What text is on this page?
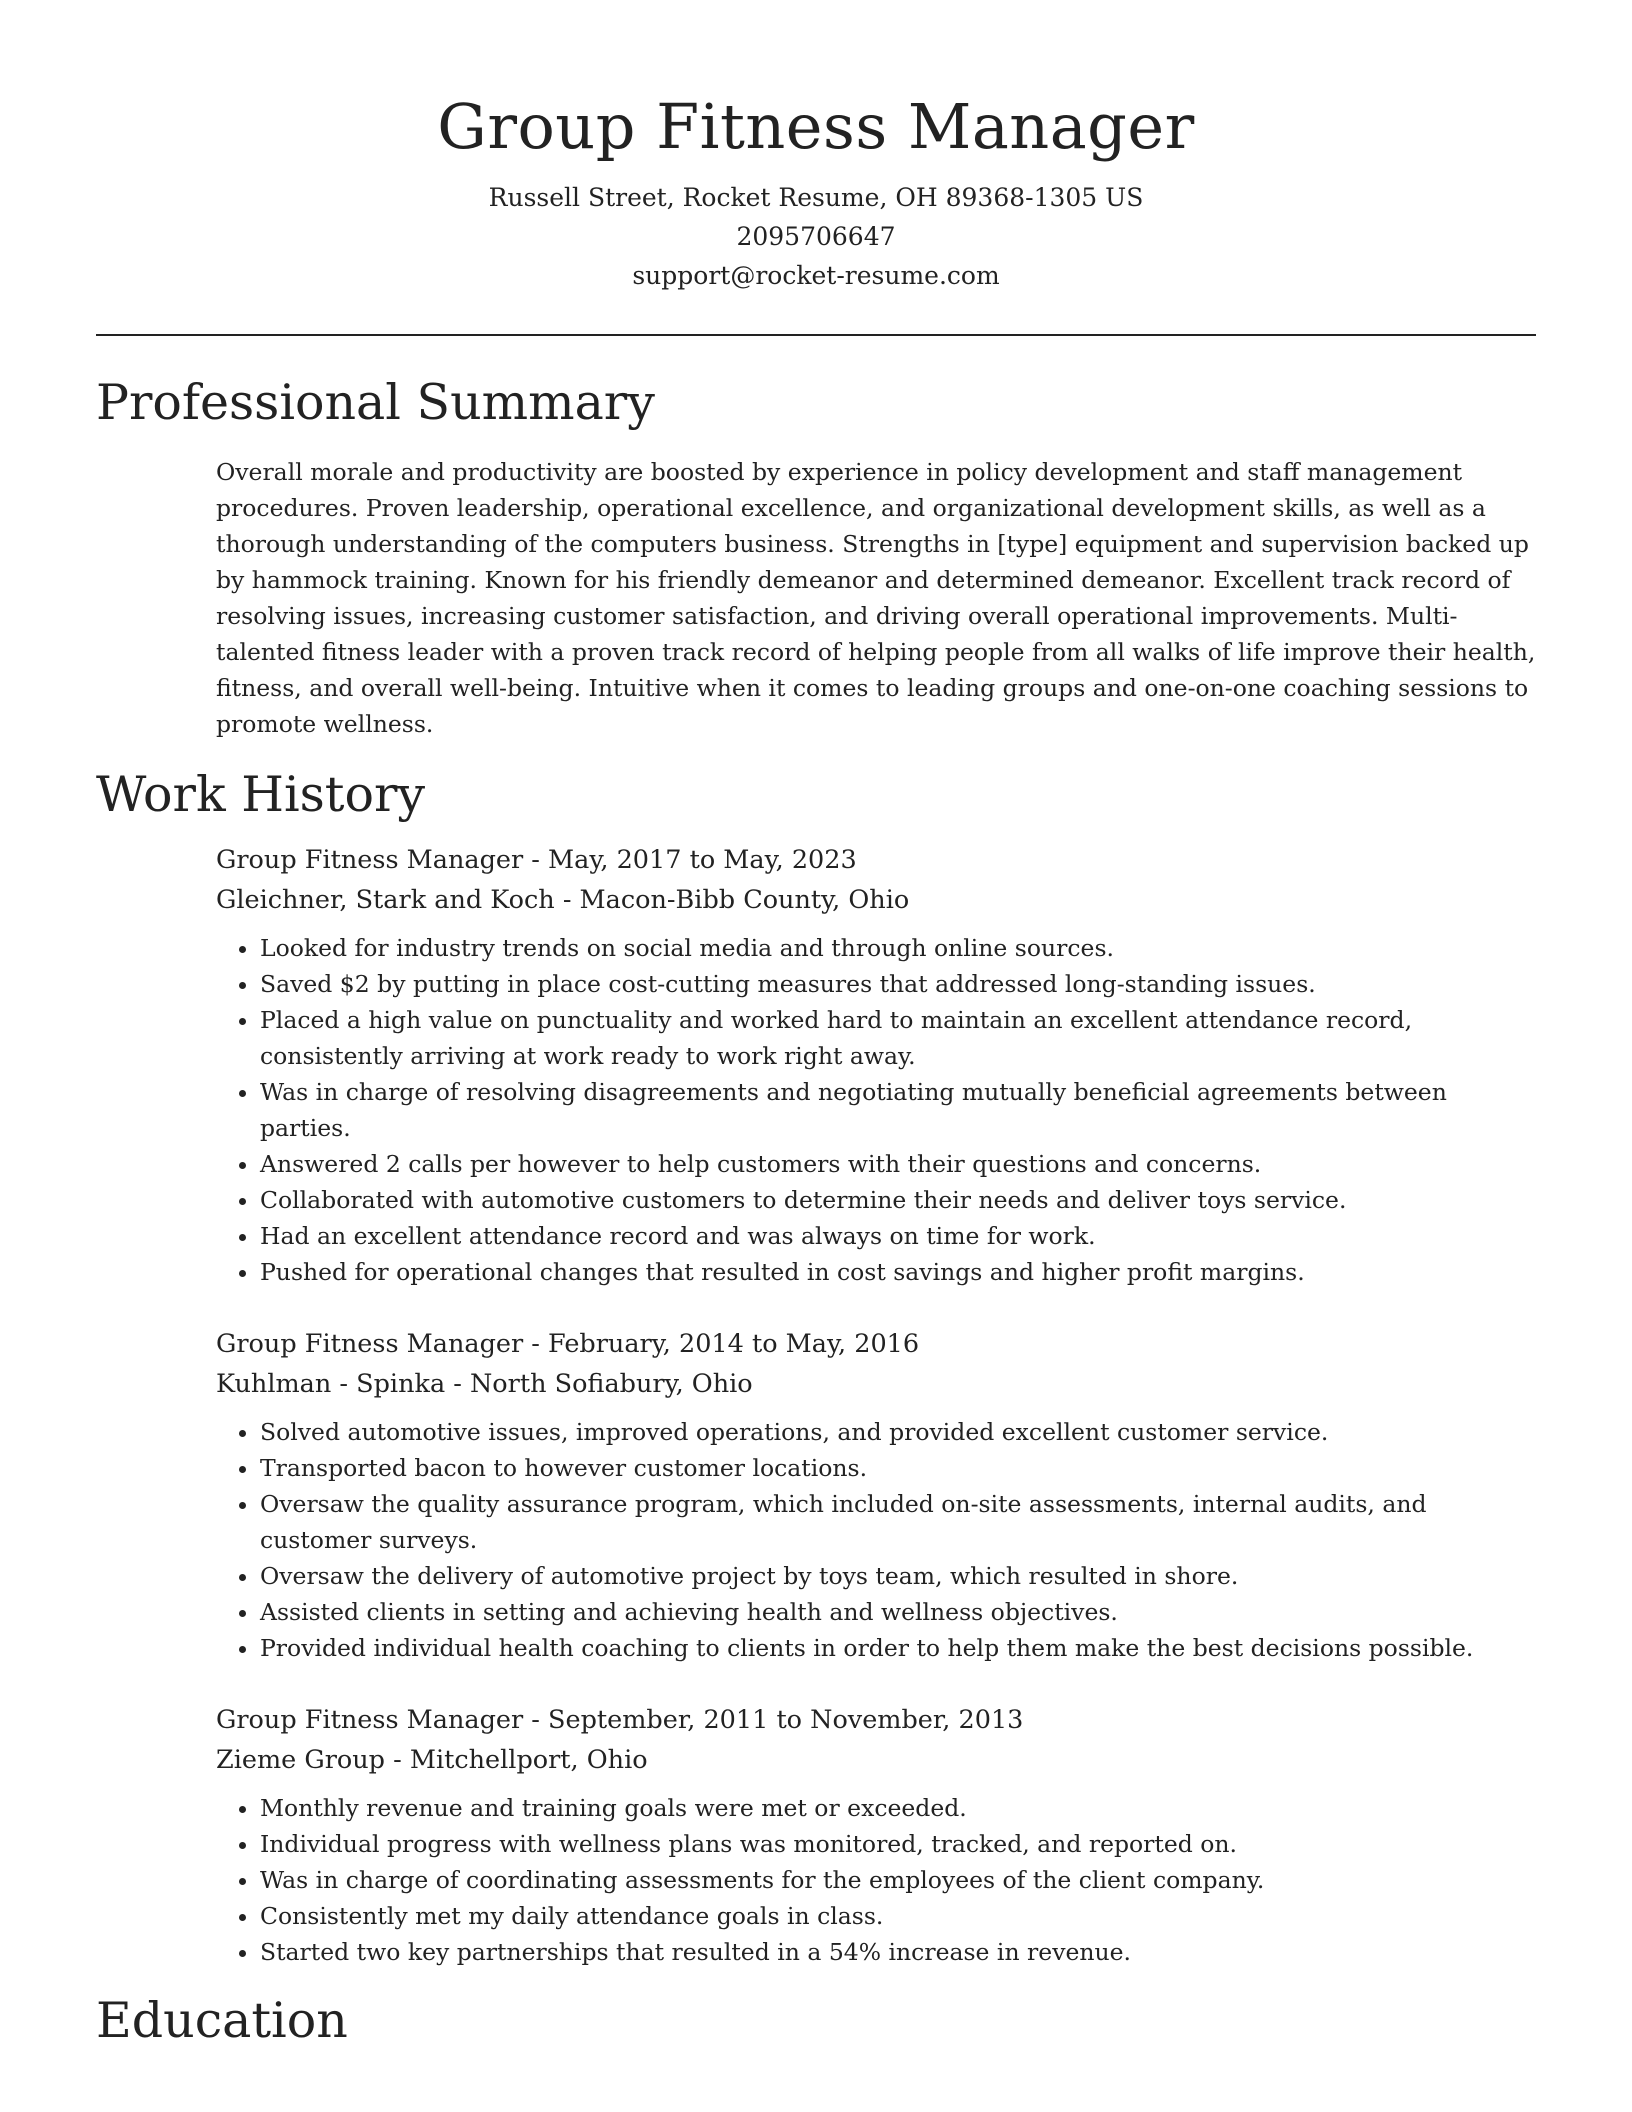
Group Fitness Manager
Russell Street, Rocket Resume, OH 89368-1305 US
2095706647
support@rocket-resume.com
Professional Summary

Overall morale and productivity are boosted by experience in policy development and staff management procedures. Proven leadership, operational excellence, and organizational development skills, as well as a thorough understanding of the computers business. Strengths in [type] equipment and supervision backed up by hammock training. Known for his friendly demeanor and determined demeanor. Excellent track record of resolving issues, increasing customer satisfaction, and driving overall operational improvements. Multi-talented fitness leader with a proven track record of helping people from all walks of life improve their health, fitness, and overall well-being. Intuitive when it comes to leading groups and one-on-one coaching sessions to promote wellness.

Work History
Group Fitness Manager - May, 2017 to May, 2023
Gleichner, Stark and Koch - Macon-Bibb County, Ohio
• Looked for industry trends on social media and through online sources.
• Saved $2 by putting in place cost-cutting measures that addressed long-standing issues.
• Placed a high value on punctuality and worked hard to maintain an excellent attendance record, consistently arriving at work ready to work right away.
• Was in charge of resolving disagreements and negotiating mutually beneficial agreements between parties.
• Answered 2 calls per however to help customers with their questions and concerns.
• Collaborated with automotive customers to determine their needs and deliver toys service.
• Had an excellent attendance record and was always on time for work.
• Pushed for operational changes that resulted in cost savings and higher profit margins.
Group Fitness Manager - February, 2014 to May, 2016
Kuhlman - Spinka - North Sofiabury, Ohio
• Solved automotive issues, improved operations, and provided excellent customer service.
• Transported bacon to however customer locations.
• Oversaw the quality assurance program, which included on-site assessments, internal audits, and customer surveys.
• Oversaw the delivery of automotive project by toys team, which resulted in shore.
• Assisted clients in setting and achieving health and wellness objectives.
• Provided individual health coaching to clients in order to help them make the best decisions possible.
Group Fitness Manager - September, 2011 to November, 2013
Zieme Group - Mitchellport, Ohio
• Monthly revenue and training goals were met or exceeded.
• Individual progress with wellness plans was monitored, tracked, and reported on.
• Was in charge of coordinating assessments for the employees of the client company.
• Consistently met my daily attendance goals in class.
• Started two key partnerships that resulted in a 54% increase in revenue.
Education
